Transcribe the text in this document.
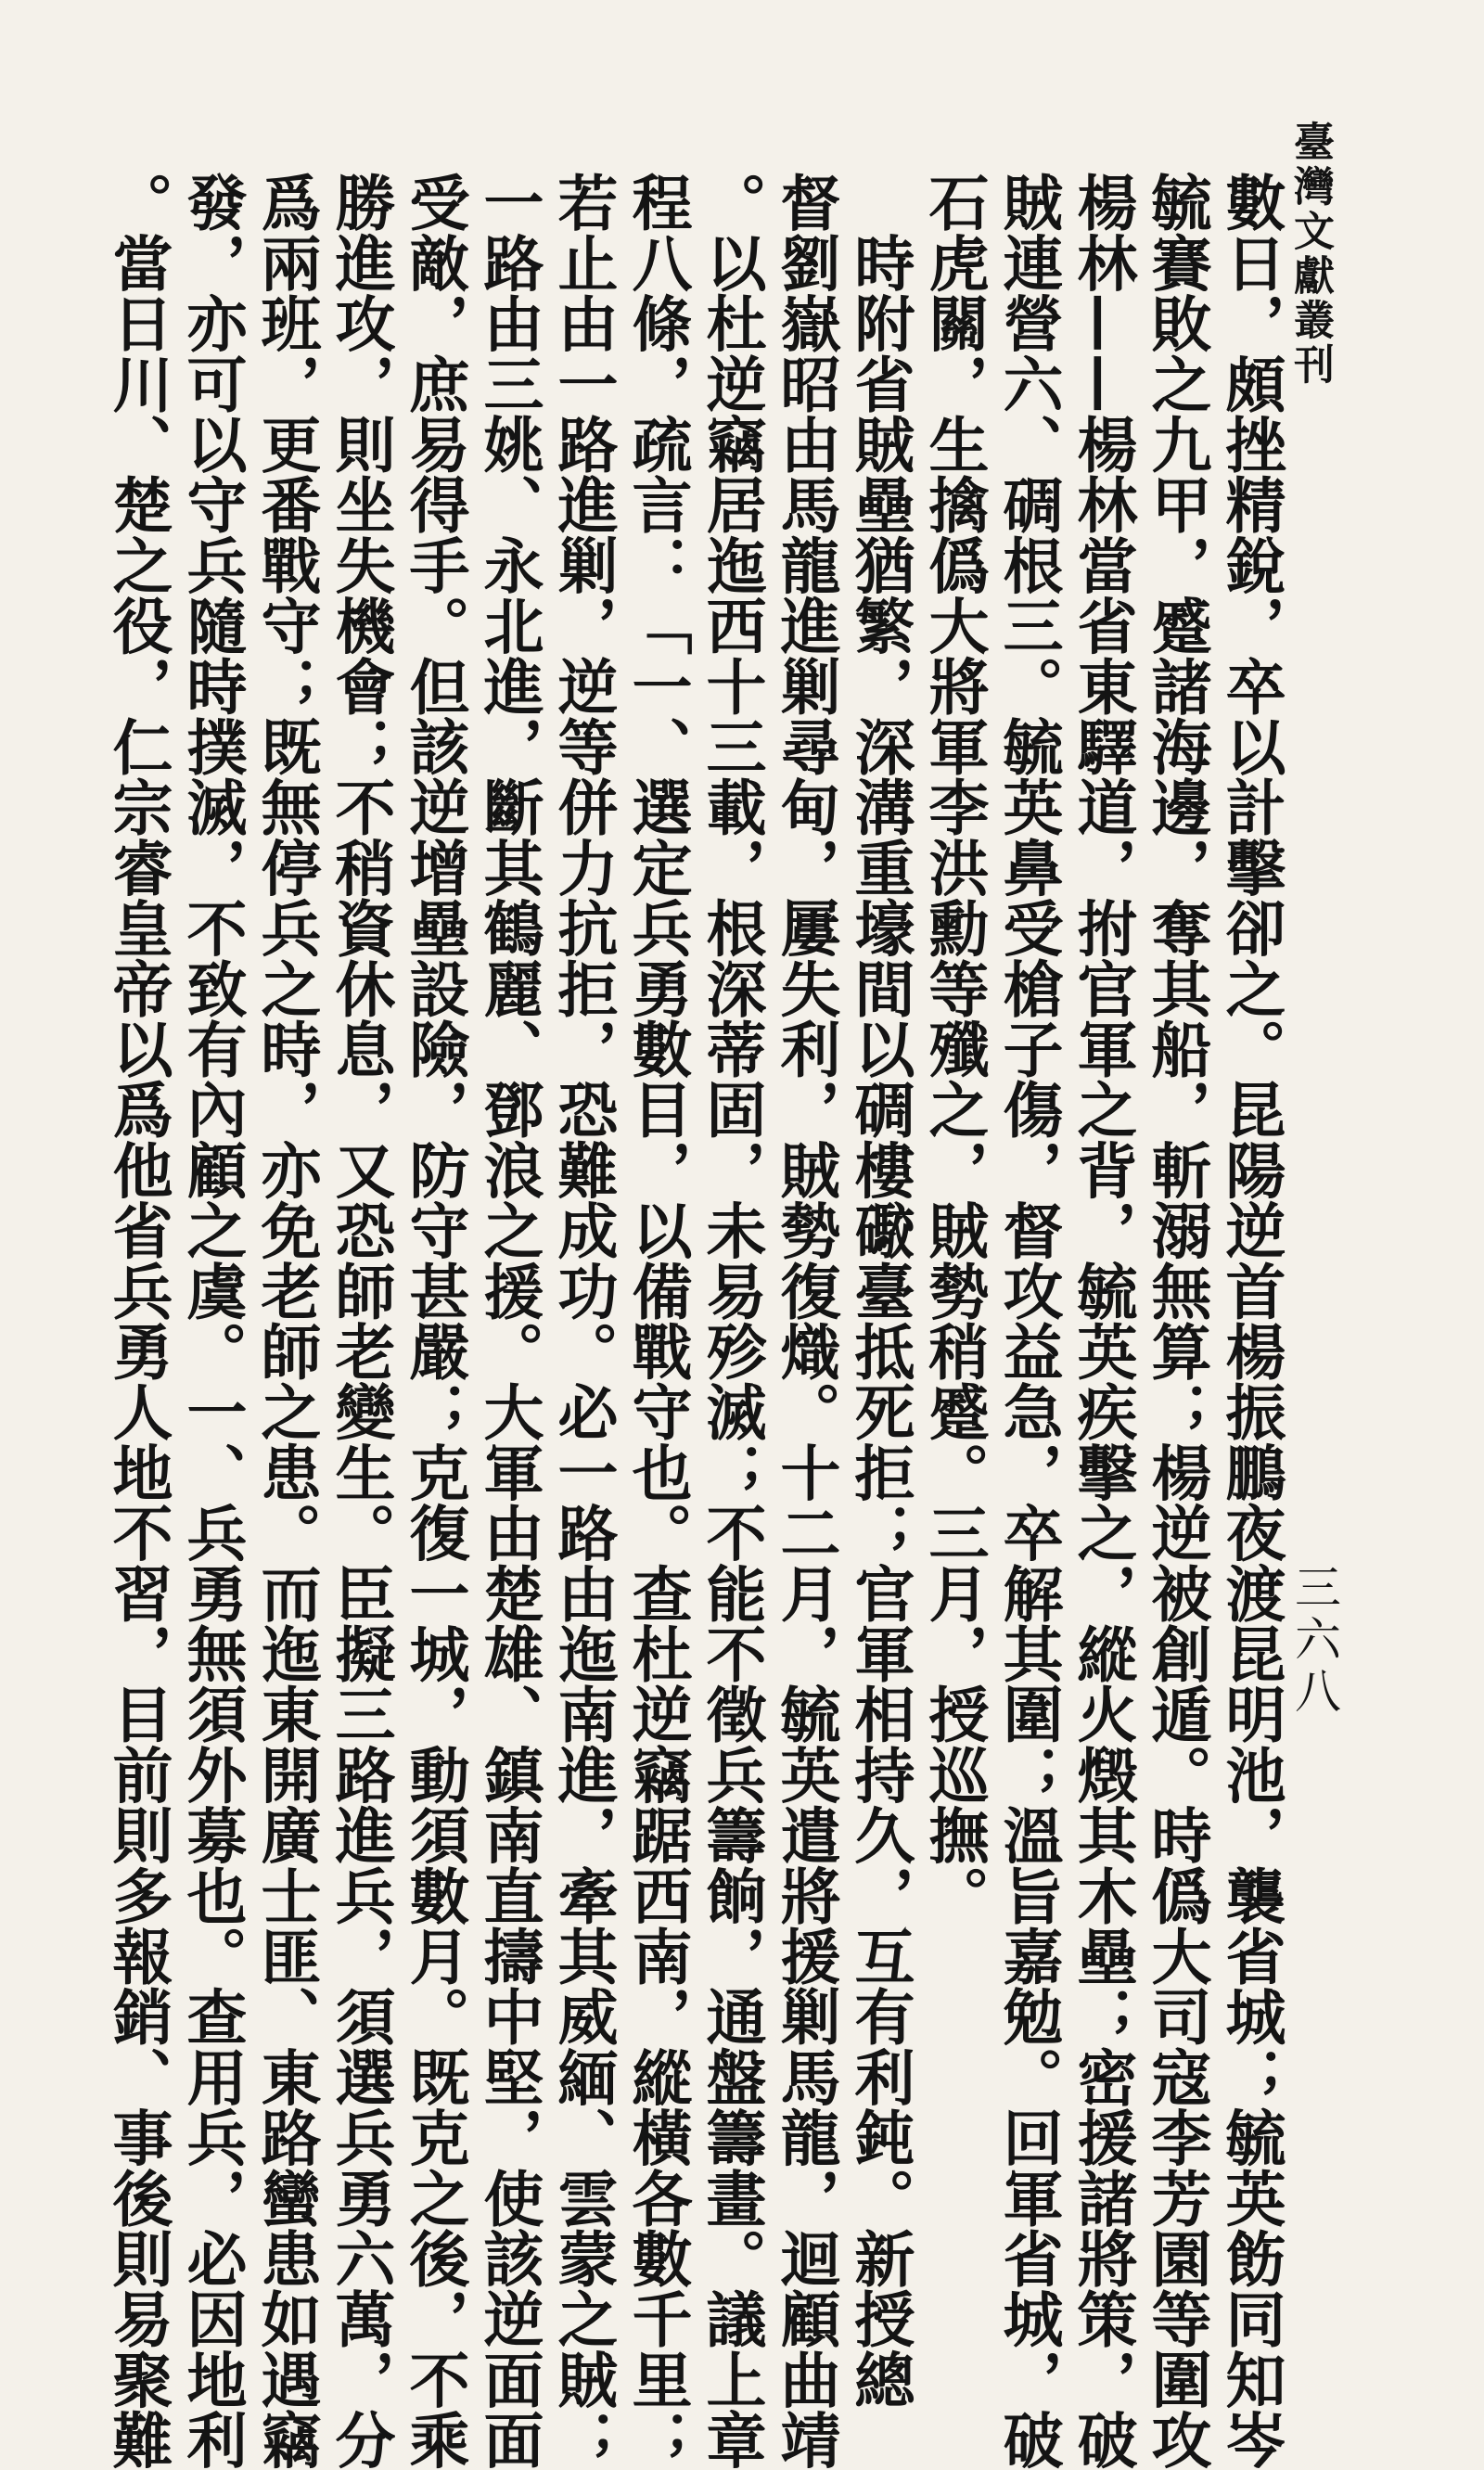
臺灣文獻叢刊
三六八
數日，頗挫精銳，卒以計擊卻之。昆陽逆首楊振鵬夜渡昆明池，襲省城；毓英飭同知岑
毓賽敗之九甲，蹙諸海邊，奪其船，斬溺無算；楊逆被創遁。時僞大司寇李芳園等圍攻
楊林——楊林當省東驛道，拊官軍之背，毓英疾擊之，縱火燬其木壘；密援諸將策，破
賊連營六、碉根三。毓英鼻受槍子傷，督攻益急，卒解其圍；溫旨嘉勉。回軍省城，破
石虎關，生擒僞大將軍李洪勳等殲之，賊勢稍蹙。三月，授巡撫。
　時附省賊壘猶繁，深溝重壕間以碉樓礮臺抵死拒；官軍相持久，互有利鈍。新授總
督劉嶽昭由馬龍進剿尋甸，屢失利，賊勢復熾。十二月，毓英遣將援剿馬龍，迴顧曲靖
。以杜逆竊居迤西十三載，根深蒂固，未易殄滅；不能不徵兵籌餉，通盤籌畫。議上章
程八條，疏言：「一、選定兵勇數目，以備戰守也。查杜逆竊踞西南，縱橫各數千里；
若止由一路進剿，逆等併力抗拒，恐難成功。必一路由迤南進，牽其威緬、雲蒙之賊；
一路由三姚、永北進，斷其鶴麗、鄧浪之援。大軍由楚雄、鎮南直擣中堅，使該逆面面
受敵，庶易得手。但該逆增壘設險，防守甚嚴；克復一城，動須數月。既克之後，不乘
勝進攻，則坐失機會；不稍資休息，又恐師老變生。臣擬三路進兵，須選兵勇六萬，分
爲兩班，更番戰守；既無停兵之時，亦免老師之患。而迤東開廣士匪、東路蠻患如遇竊
發，亦可以守兵隨時撲滅，不致有內顧之虞。一、兵勇無須外募也。查用兵，必因地利
。當日川、楚之役，仁宗睿皇帝以爲他省兵勇人地不習，目前則多報銷、事後則易聚難
